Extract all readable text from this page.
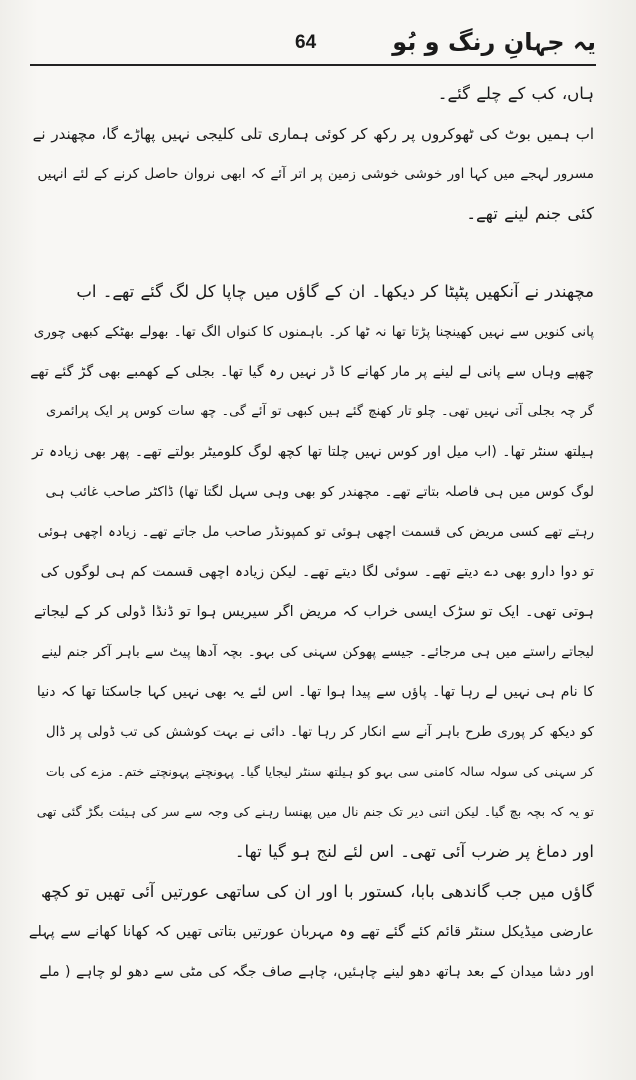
64	یہ جہانِ رنگ و بُو
ہاں، کب کے چلے گئے۔
اب ہمیں بوٹ کی ٹھوکروں پر رکھ کر کوئی ہماری تلی کلیجی نہیں پھاڑے گا، مچھندر نے
مسرور لہجے میں کہا اور خوشی خوشی زمین پر اتر آئے کہ ابھی نروان حاصل کرنے کے لئے انہیں
کئی جنم لینے تھے۔
مچھندر نے آنکھیں پٹپٹا کر دیکھا۔ ان کے گاؤں میں چاپا کل لگ گئے تھے۔ اب
پانی کنویں سے نہیں کھینچنا پڑتا تھا نہ ٹھا کر۔ باہمنوں کا کنواں الگ تھا۔ بھولے بھٹکے کبھی چوری
چھپے وہاں سے پانی لے لینے پر مار کھانے کا ڈر نہیں رہ گیا تھا۔ بجلی کے کھمبے بھی گڑ گئے تھے
گر چہ بجلی آتی نہیں تھی۔ چلو تار کھنچ گئے ہیں کبھی تو آئے گی۔ چھ سات کوس پر ایک پرائمری
ہیلتھ سنٹر تھا۔ (اب میل اور کوس نہیں چلتا تھا کچھ لوگ کلومیٹر بولتے تھے۔ پھر بھی زیادہ تر
لوگ کوس میں ہی فاصلہ بتاتے تھے۔ مچھندر کو بھی وہی سہل لگتا تھا) ڈاکٹر صاحب غائب ہی
رہتے تھے کسی مریض کی قسمت اچھی ہوئی تو کمپونڈر صاحب مل جاتے تھے۔ زیادہ اچھی ہوئی
تو دوا دارو بھی دے دیتے تھے۔ سوئی لگا دیتے تھے۔ لیکن زیادہ اچھی قسمت کم ہی لوگوں کی
ہوتی تھی۔ ایک تو سڑک ایسی خراب کہ مریض اگر سیریس ہوا تو ڈنڈا ڈولی کر کے لیجاتے
لیجاتے راستے میں ہی مرجائے۔ جیسے پھوکن سہنی کی بہو۔ بچہ آدھا پیٹ سے باہر آکر جنم لینے
کا نام ہی نہیں لے رہا تھا۔ پاؤں سے پیدا ہوا تھا۔ اس لئے یہ بھی نہیں کہا جاسکتا تھا کہ دنیا
کو دیکھ کر پوری طرح باہر آنے سے انکار کر رہا تھا۔ دائی نے بہت کوشش کی تب ڈولی پر ڈال
کر سہنی کی سولہ سالہ کامنی سی بہو کو ہیلتھ سنٹر لیجایا گیا۔ پہونچتے پہونچتے ختم۔ مزے کی بات
تو یہ کہ بچہ بچ گیا۔ لیکن اتنی دیر تک جنم نال میں پھنسا رہنے کی وجہ سے سر کی ہیئت بگڑ گئی تھی
اور دماغ پر ضرب آئی تھی۔ اس لئے لنج ہو گیا تھا۔
گاؤں میں جب گاندھی بابا، کستور با اور ان کی ساتھی عورتیں آئی تھیں تو کچھ
عارضی میڈیکل سنٹر قائم کئے گئے تھے وہ مہربان عورتیں بتاتی تھیں کہ کھانا کھانے سے پہلے
اور دشا میدان کے بعد ہاتھ دھو لینے چاہئیں، چاہے صاف جگہ کی مٹی سے دھو لو چاہے ( ملے
